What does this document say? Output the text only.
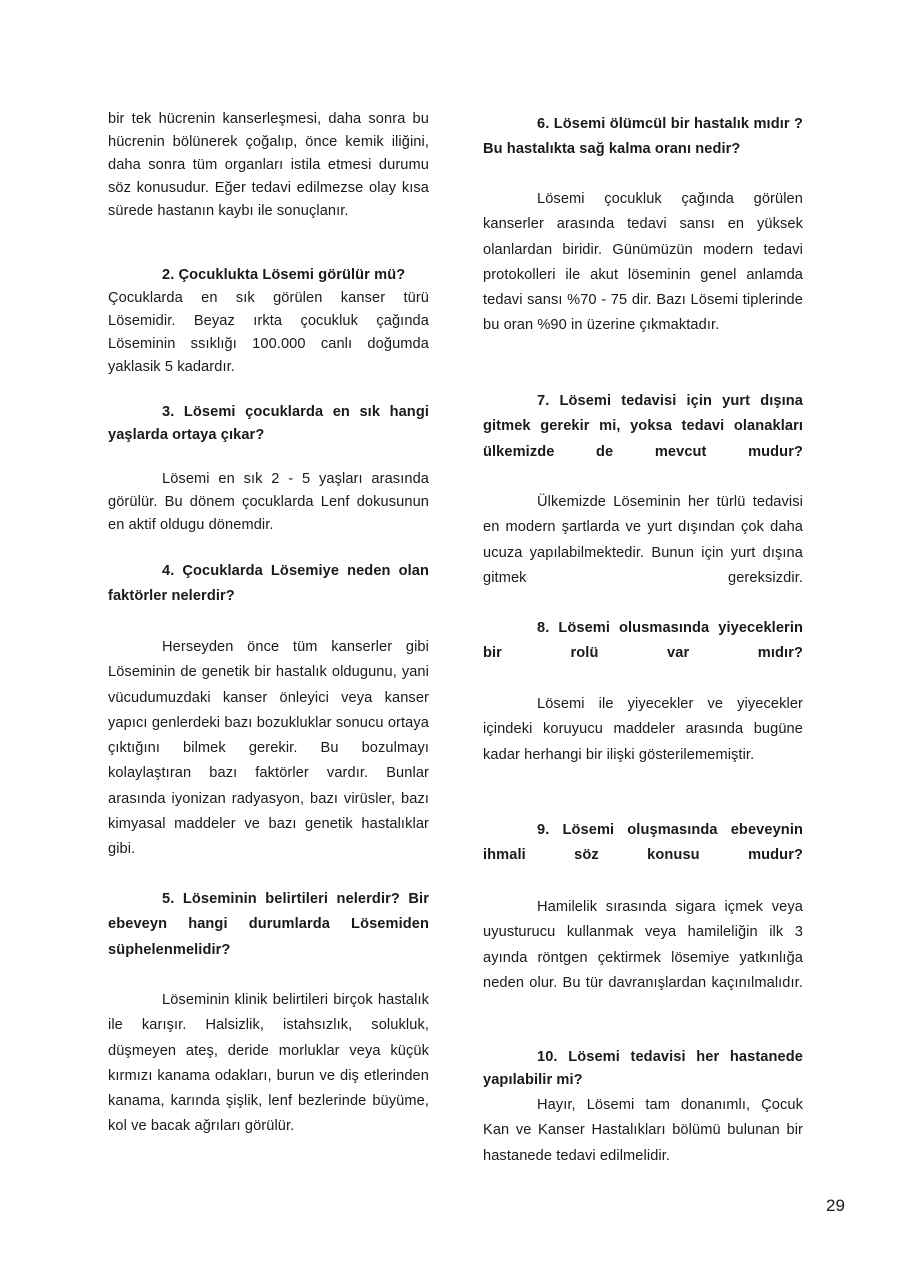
bir tek hücrenin kanserleşmesi, daha sonra bu hücrenin bölünerek çoğalıp, önce kemik iliğini, daha sonra tüm organları istila etmesi durumu söz konusudur. Eğer tedavi edilmezse olay kısa sürede hastanın kaybı ile sonuçlanır.

2. Çocuklukta Lösemi görülür mü?

Çocuklarda en sık görülen kanser türü Lösemidir. Beyaz ırkta çocukluk çağında Löseminin ssıklığı 100.000 canlı doğumda yaklasik 5 kadardır.

3. Lösemi çocuklarda en sık hangi yaşlarda ortaya çıkar?

Lösemi en sık 2 - 5 yaşları arasında görülür. Bu dönem çocuklarda Lenf dokusunun en aktif oldugu dönemdir.

4. Çocuklarda Lösemiye neden olan faktörler nelerdir?

Herseyden önce tüm kanserler gibi Löseminin de genetik bir hastalık oldugunu, yani vücudumuzdaki kanser önleyici veya kanser yapıcı genlerdeki bazı bozukluklar sonucu ortaya çıktığını bilmek gerekir. Bu bozulmayı kolaylaştıran bazı faktörler vardır. Bunlar arasında iyonizan radyasyon, bazı virüsler, bazı kimyasal maddeler ve bazı genetik hastalıklar gibi.

5. Löseminin belirtileri nelerdir? Bir ebeveyn hangi durumlarda Lösemiden süphelenmelidir?

Löseminin klinik belirtileri birçok hastalık ile karışır. Halsizlik, istahsızlık, solukluk, düşmeyen ateş, deride morluklar veya küçük kırmızı kanama odakları, burun ve diş etlerinden kanama, karında şişlik, lenf bezlerinde büyüme, kol ve bacak ağrıları görülür.

6. Lösemi ölümcül bir hastalık mıdır ? Bu hastalıkta sağ kalma oranı nedir?

Lösemi çocukluk çağında görülen kanserler arasında tedavi sansı en yüksek olanlardan biridir. Günümüzün modern tedavi protokolleri ile akut löseminin genel anlamda tedavi sansı %70 - 75 dir. Bazı Lösemi tiplerinde bu oran %90 in üzerine çıkmaktadır.

7. Lösemi tedavisi için yurt dışına gitmek gerekir mi, yoksa tedavi olanakları ülkemizde de mevcut mudur?

Ülkemizde Löseminin her türlü tedavisi en modern şartlarda ve yurt dışından çok daha ucuza yapılabilmektedir. Bunun için yurt dışına gitmek gereksizdir.

8. Lösemi olusmasında yiyeceklerin bir rolü var mıdır?

Lösemi ile yiyecekler ve yiyecekler içindeki koruyucu maddeler arasında bugüne kadar herhangi bir ilişki gösterilememiştir.

9. Lösemi oluşmasında ebeveynin ihmali söz konusu mudur?

Hamilelik sırasında sigara içmek veya uyusturucu kullanmak veya hamileliğin ilk 3 ayında röntgen çektirmek lösemiye yatkınlığa neden olur. Bu tür davranışlardan kaçınılmalıdır.

10. Lösemi tedavisi her hastanede yapılabilir mi?

Hayır, Lösemi tam donanımlı, Çocuk Kan ve Kanser Hastalıkları bölümü bulunan bir hastanede tedavi edilmelidir.

29
